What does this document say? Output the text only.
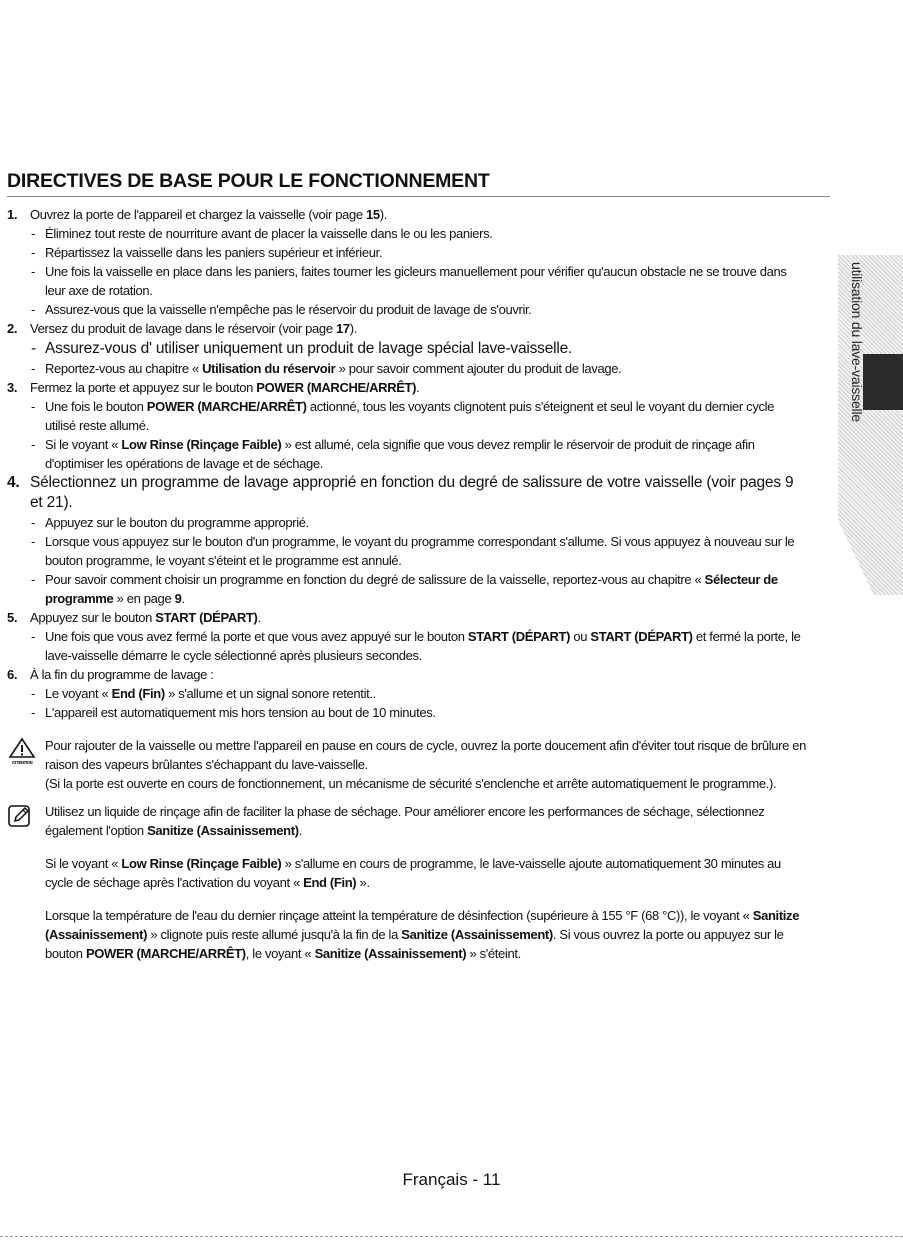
utilisation du lave-vaisselle
DIRECTIVES DE BASE POUR LE FONCTIONNEMENT
1. Ouvrez la porte de l'appareil et chargez la vaisselle (voir page 15).
- Éliminez tout reste de nourriture avant de placer la vaisselle dans le ou les paniers.
- Répartissez la vaisselle dans les paniers supérieur et inférieur.
- Une fois la vaisselle en place dans les paniers, faites tourner les gicleurs manuellement pour vérifier qu'aucun obstacle ne se trouve dans leur axe de rotation.
- Assurez-vous que la vaisselle n'empêche pas le réservoir du produit de lavage de s'ouvrir.
2. Versez du produit de lavage dans le réservoir (voir page 17).
- Assurez-vous d' utiliser uniquement un produit de lavage spécial lave-vaisselle.
- Reportez-vous au chapitre « Utilisation du réservoir » pour savoir comment ajouter du produit de lavage.
3. Fermez la porte et appuyez sur le bouton POWER (MARCHE/ARRÊT).
- Une fois le bouton POWER (MARCHE/ARRÊT) actionné, tous les voyants clignotent puis s'éteignent et seul le voyant du dernier cycle utilisé reste allumé.
- Si le voyant « Low Rinse (Rinçage Faible) » est allumé, cela signifie que vous devez remplir le réservoir de produit de rinçage afin d'optimiser les opérations de lavage et de séchage.
4. Sélectionnez un programme de lavage approprié en fonction du degré de salissure de votre vaisselle (voir pages 9 et 21).
- Appuyez sur le bouton du programme approprié.
- Lorsque vous appuyez sur le bouton d'un programme, le voyant du programme correspondant s'allume. Si vous appuyez à nouveau sur le bouton programme, le voyant s'éteint et le programme est annulé.
- Pour savoir comment choisir un programme en fonction du degré de salissure de la vaisselle, reportez-vous au chapitre « Sélecteur de programme » en page 9.
5. Appuyez sur le bouton START (DÉPART).
- Une fois que vous avez fermé la porte et que vous avez appuyé sur le bouton START (DÉPART) ou START (DÉPART) et fermé la porte, le lave-vaisselle démarre le cycle sélectionné après plusieurs secondes.
6. À la fin du programme de lavage :
- Le voyant « End (Fin) » s'allume et un signal sonore retentit..
- L'appareil est automatiquement mis hors tension au bout de 10 minutes.
ATTENTION
Pour rajouter de la vaisselle ou mettre l'appareil en pause en cours de cycle, ouvrez la porte doucement afin d'éviter tout risque de brûlure en raison des vapeurs brûlantes s'échappant du lave-vaisselle.
(Si la porte est ouverte en cours de fonctionnement, un mécanisme de sécurité s'enclenche et arrête automatiquement le programme.).
Utilisez un liquide de rinçage afin de faciliter la phase de séchage. Pour améliorer encore les performances de séchage, sélectionnez également l'option Sanitize (Assainissement).
Si le voyant « Low Rinse (Rinçage Faible) » s'allume en cours de programme, le lave-vaisselle ajoute automatiquement 30 minutes au cycle de séchage après l'activation du voyant « End (Fin) ».
Lorsque la température de l'eau du dernier rinçage atteint la température de désinfection (supérieure à 155 °F (68 °C)), le voyant « Sanitize (Assainissement) » clignote puis reste allumé jusqu'à la fin de la Sanitize (Assainissement). Si vous ouvrez la porte ou appuyez sur le bouton POWER (MARCHE/ARRÊT), le voyant « Sanitize (Assainissement) » s'éteint.
Français - 11
